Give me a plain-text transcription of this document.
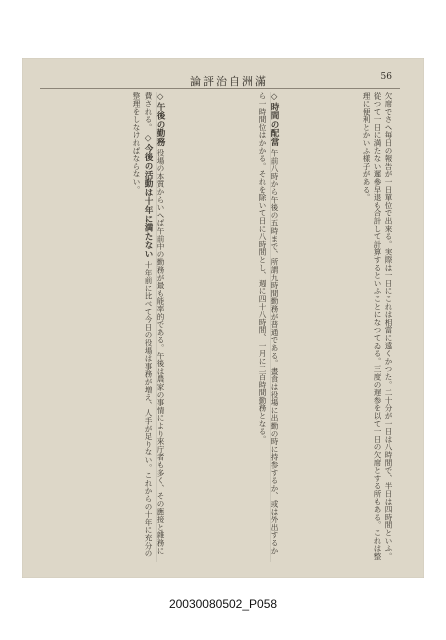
論評治自洲滿	56
欠席でさへ毎日の報告が一日單位で出來る。実際は一日にこれは相當に遠くかつた。二十分が一日は八時間で、半日は四時間といふ。從つて一日に満たない遲參早退も合計して計算するといふことになつてゐる。三度の遅参を以て一日の欠席とする所もある。これは整理に便利とかいふ樣子がある。
◇時間の配當 午前八時から午後の五時まで、所謂九時間勤務が普通である。晝食は役場に出勤の時に持参するか、或は外出するから一時間位はかかる。それを除いて日に八時間とし、週に四十八時間、一月に二百時間勤務となる。
◇午後の勤務 役場の本質からいへば午前中の勤務が最も能率的である。午後は農家の事情により來庁者も多く、その應接と雜務に費される。 ◇今後の活動は十年に満たない 十年前に比べて今日の役場は事務が増え、人手が足りない。これからの十年に充分の整理をしなければならない。
20030080502_P058
